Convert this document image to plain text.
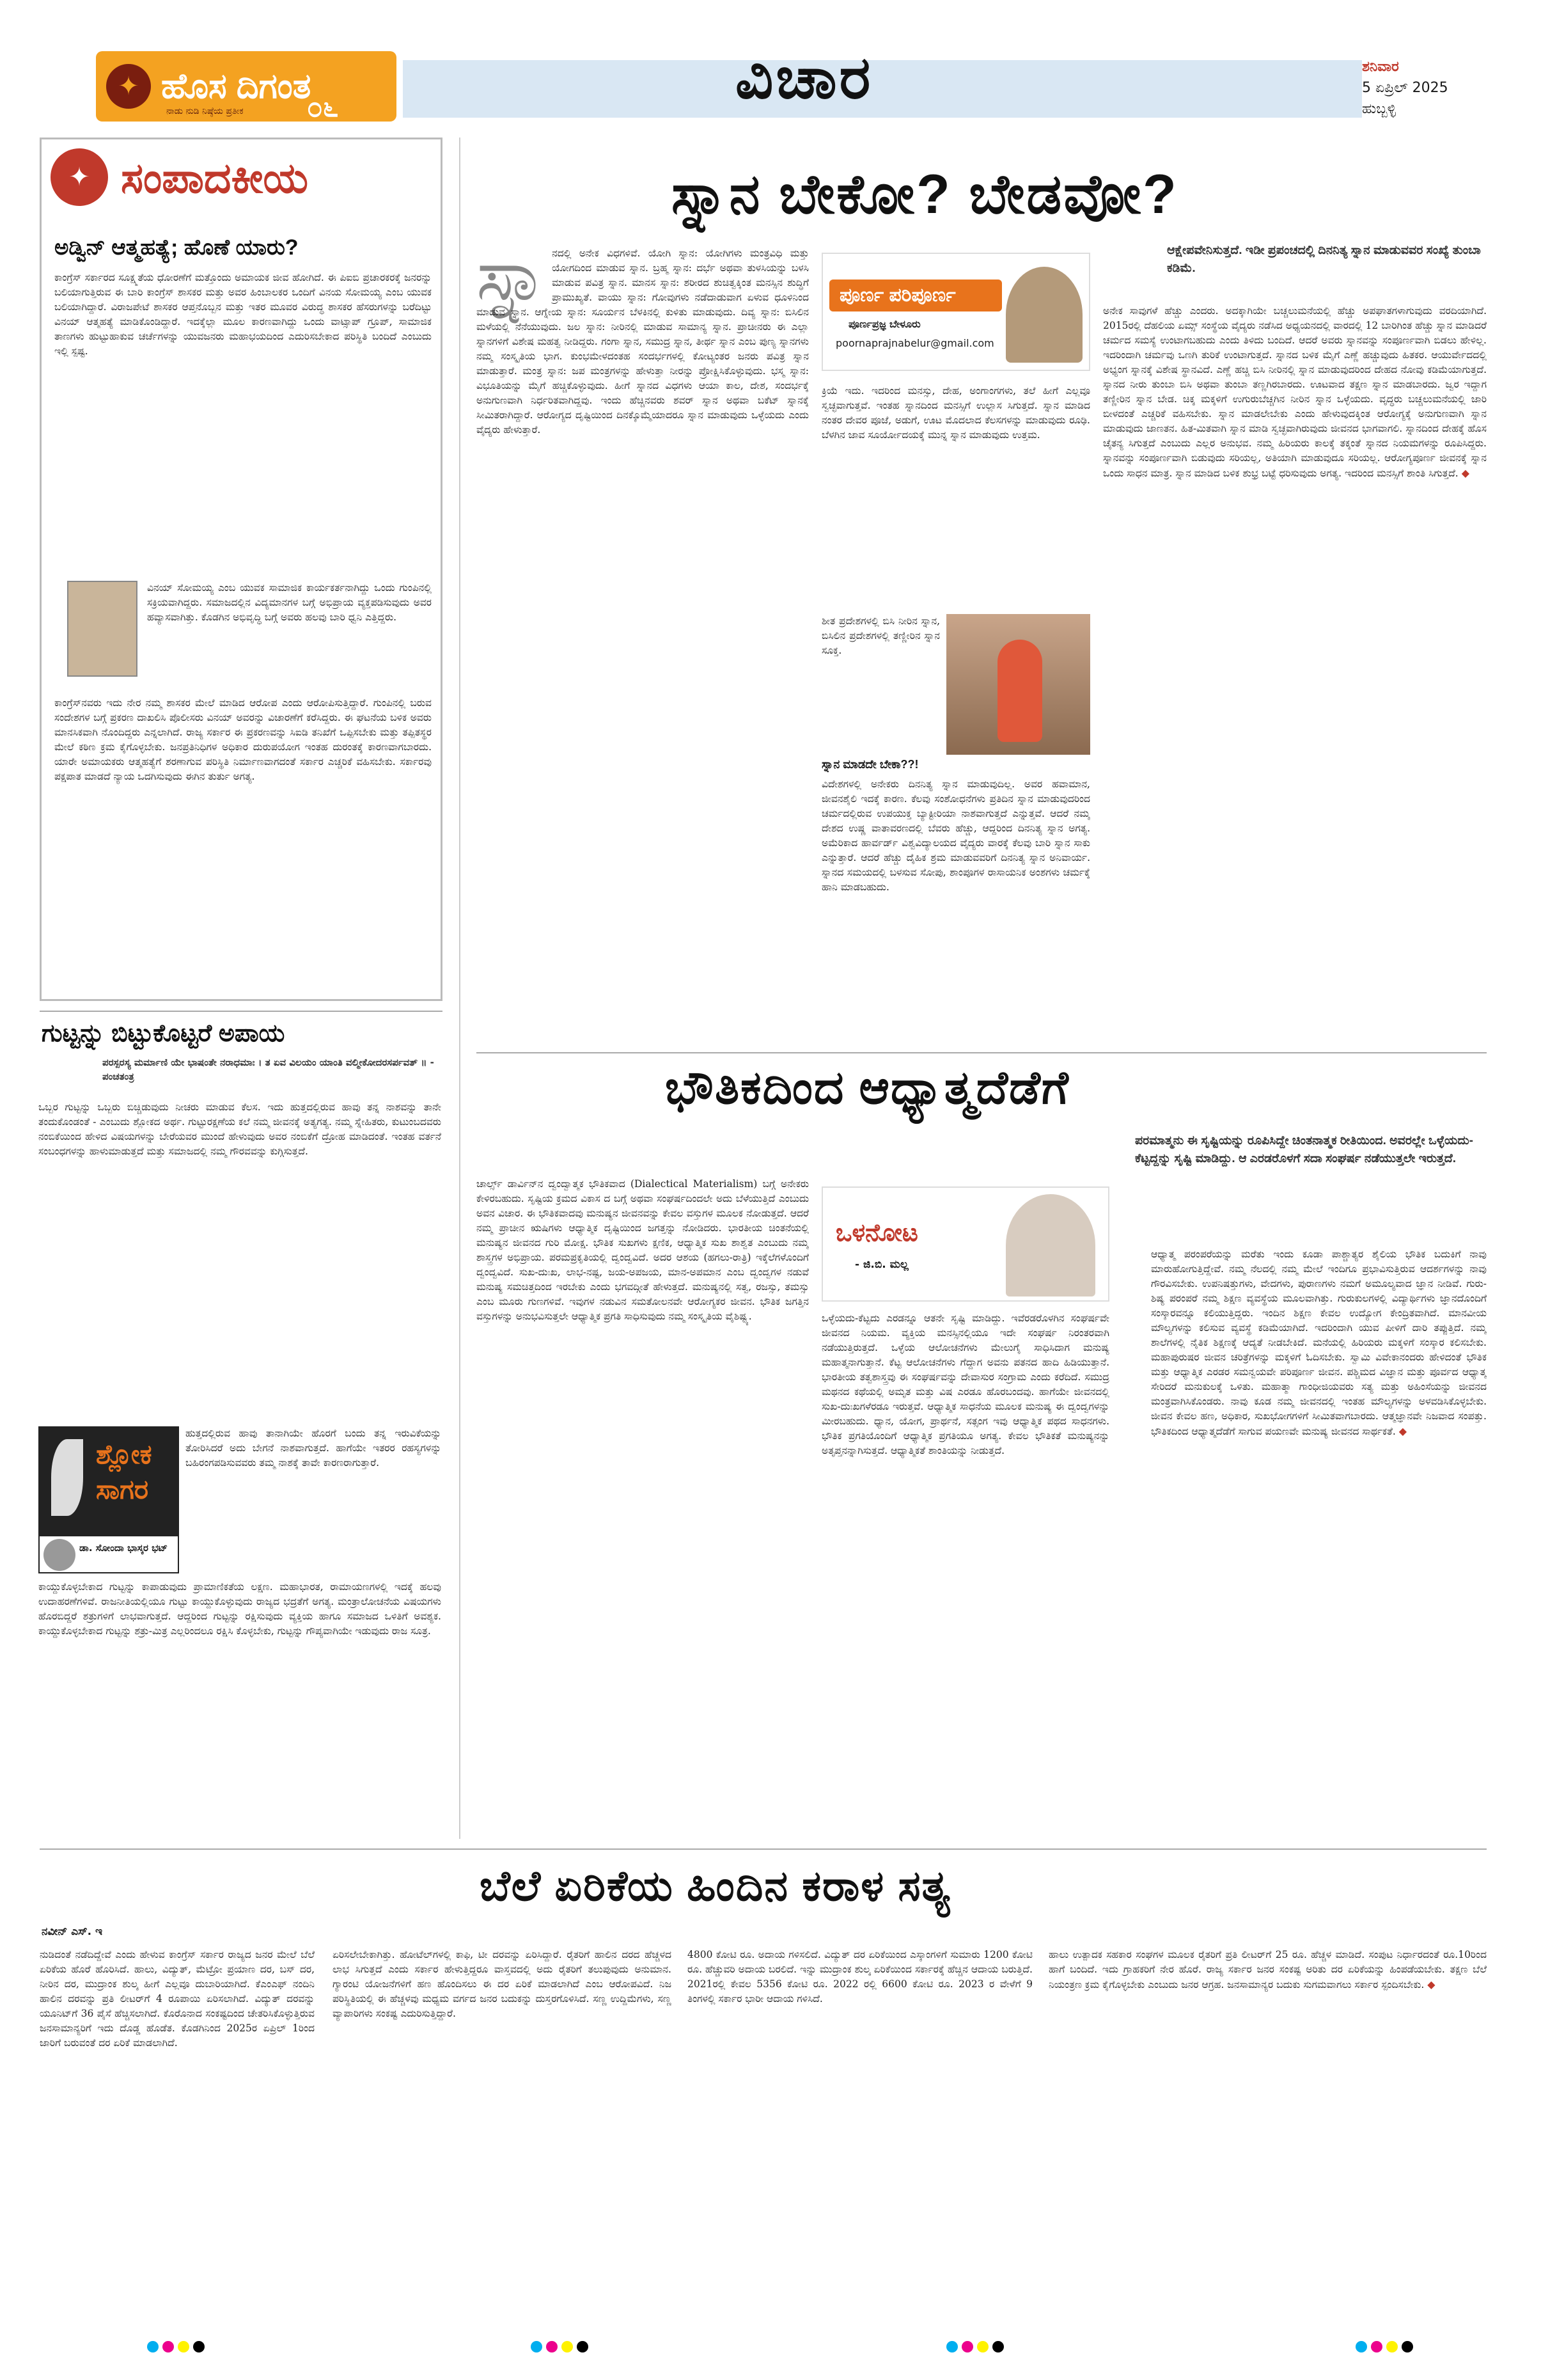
✦ ಹೊಸ ದಿಗಂತ
ನಾಡು ನುಡಿ ನಿಷ್ಠೆಯ ಪ್ರತೀಕ ೦೬	ವಿಚಾರ	ಶನಿವಾರ
5 ಏಪ್ರಿಲ್ 2025
ಹುಬ್ಬಳ್ಳಿ
✦ ಸಂಪಾದಕೀಯ
ಅಡ್ವಿನ್ ಆತ್ಮಹತ್ಯೆ; ಹೊಣೆ ಯಾರು?
ಕಾಂಗ್ರೆಸ್ ಸರ್ಕಾರದ ಸೂಕ್ಷ್ಮತೆಯ ಧೋರಣೆಗೆ ಮತ್ತೊಂದು ಅಮಾಯಕ ಜೀವ ಹೋಗಿದೆ. ಈ ಪಿಐಬಿ ಪ್ರಚಾರಕರಕ್ಕೆ ಜನರನ್ನು ಬಲಿಯಾಗುತ್ತಿರುವ ಈ ಬಾರಿ ಕಾಂಗ್ರೆಸ್ ಶಾಸಕರ ಮತ್ತು ಅವರ ಹಿಂಬಾಲಕರ ಒಂದಿಗೆ ವಿನಯ ಸೋಮಯ್ಯ ಎಂಬ ಯುವಕ ಬಲಿಯಾಗಿದ್ದಾರೆ. ವಿರಾಜಪೇಟೆ ಶಾಸಕರ ಆಪ್ತನೊಬ್ಬನ ಮತ್ತು ಇತರ ಮೂವರ ವಿರುದ್ಧ ಶಾಸಕರ ಹೆಸರುಗಳನ್ನು ಬರೆದಿಟ್ಟು ವಿನಯ್ ಆತ್ಮಹತ್ಯೆ ಮಾಡಿಕೊಂಡಿದ್ದಾರೆ. ಇದಕ್ಕೆಲ್ಲಾ ಮೂಲ ಕಾರಣವಾಗಿದ್ದು ಒಂದು ವಾಟ್ಸಾಪ್ ಗ್ರೂಪ್, ಸಾಮಾಜಿಕ ತಾಣಗಳು ಹುಟ್ಟುಹಾಕುವ ಚರ್ಚೆಗಳನ್ನು ಯುವಜನರು ಮಹಾಭಯದಿಂದ ಎದುರಿಸಬೇಕಾದ ಪರಿಸ್ಥಿತಿ ಬಂದಿದೆ ಎಂಬುದು ಇಲ್ಲಿ ಸ್ಪಷ್ಟ.
ವಿನಯ್ ಸೋಮಯ್ಯ ಎಂಬ ಯುವಕ ಸಾಮಾಜಿಕ ಕಾರ್ಯಕರ್ತನಾಗಿದ್ದು ಒಂದು ಗುಂಪಿನಲ್ಲಿ ಸಕ್ರಿಯವಾಗಿದ್ದರು. ಸಮಾಜದಲ್ಲಿನ ವಿದ್ಯಮಾನಗಳ ಬಗ್ಗೆ ಅಭಿಪ್ರಾಯ ವ್ಯಕ್ತಪಡಿಸುವುದು ಅವರ ಹವ್ಯಾಸವಾಗಿತ್ತು. ಕೊಡಗಿನ ಅಭಿವೃದ್ಧಿ ಬಗ್ಗೆ ಅವರು ಹಲವು ಬಾರಿ ಧ್ವನಿ ಎತ್ತಿದ್ದರು.
ಕಾಂಗ್ರೆಸ್‌ನವರು ಇದು ನೇರ ನಮ್ಮ ಶಾಸಕರ ಮೇಲೆ ಮಾಡಿದ ಆರೋಪ ಎಂದು ಆರೋಪಿಸುತ್ತಿದ್ದಾರೆ. ಗುಂಪಿನಲ್ಲಿ ಬರುವ ಸಂದೇಶಗಳ ಬಗ್ಗೆ ಪ್ರಕರಣ ದಾಖಲಿಸಿ ಪೊಲೀಸರು ವಿನಯ್ ಅವರನ್ನು ವಿಚಾರಣೆಗೆ ಕರೆಸಿದ್ದರು. ಈ ಘಟನೆಯ ಬಳಿಕ ಅವರು ಮಾನಸಿಕವಾಗಿ ನೊಂದಿದ್ದರು ಎನ್ನಲಾಗಿದೆ. ರಾಜ್ಯ ಸರ್ಕಾರ ಈ ಪ್ರಕರಣವನ್ನು ಸಿಐಡಿ ತನಿಖೆಗೆ ಒಪ್ಪಿಸಬೇಕು ಮತ್ತು ತಪ್ಪಿತಸ್ಥರ ಮೇಲೆ ಕಠಿಣ ಕ್ರಮ ಕೈಗೊಳ್ಳಬೇಕು. ಜನಪ್ರತಿನಿಧಿಗಳ ಅಧಿಕಾರ ದುರುಪಯೋಗ ಇಂತಹ ದುರಂತಕ್ಕೆ ಕಾರಣವಾಗಬಾರದು. ಯಾರೇ ಅಮಾಯಕರು ಆತ್ಮಹತ್ಯೆಗೆ ಶರಣಾಗುವ ಪರಿಸ್ಥಿತಿ ನಿರ್ಮಾಣವಾಗದಂತೆ ಸರ್ಕಾರ ಎಚ್ಚರಿಕೆ ವಹಿಸಬೇಕು. ಸರ್ಕಾರವು ಪಕ್ಷಪಾತ ಮಾಡದೆ ನ್ಯಾಯ ಒದಗಿಸುವುದು ಈಗಿನ ತುರ್ತು ಅಗತ್ಯ.
ಗುಟ್ಟನ್ನು ಬಿಟ್ಟುಕೊಟ್ಟರೆ ಅಪಾಯ
ಪರಸ್ಪರಸ್ಯ ಮರ್ಮಾಣಿ ಯೇ ಭಾಷಂತೇ ನರಾಧಮಾಃ । ತ ಏವ ವಿಲಯಂ ಯಾಂತಿ ವಲ್ಮೀಕೋದರಸರ್ಪವತ್ ॥ - ಪಂಚತಂತ್ರ
ಒಬ್ಬರ ಗುಟ್ಟನ್ನು ಒಬ್ಬರು ಬಿಚ್ಚಿಡುವುದು ನೀಚರು ಮಾಡುವ ಕೆಲಸ. ಇದು ಹುತ್ತದಲ್ಲಿರುವ ಹಾವು ತನ್ನ ನಾಶವನ್ನು ತಾನೇ ತಂದುಕೊಂಡಂತೆ - ಎಂಬುದು ಶ್ಲೋಕದ ಅರ್ಥ. ಗುಟ್ಟುರಕ್ಷಣೆಯ ಕಲೆ ನಮ್ಮ ಜೀವನಕ್ಕೆ ಅತ್ಯಗತ್ಯ. ನಮ್ಮ ಸ್ನೇಹಿತರು, ಕುಟುಂಬದವರು ನಂಬಿಕೆಯಿಂದ ಹೇಳಿದ ವಿಷಯಗಳನ್ನು ಬೇರೆಯವರ ಮುಂದೆ ಹೇಳುವುದು ಅವರ ನಂಬಿಕೆಗೆ ದ್ರೋಹ ಮಾಡಿದಂತೆ. ಇಂತಹ ವರ್ತನೆ ಸಂಬಂಧಗಳನ್ನು ಹಾಳುಮಾಡುತ್ತದೆ ಮತ್ತು ಸಮಾಜದಲ್ಲಿ ನಮ್ಮ ಗೌರವವನ್ನು ಕುಗ್ಗಿಸುತ್ತದೆ.
ಶ್ಲೋಕ
ಸಾಗರ
ಡಾ. ಸೋಂದಾ ಭಾಸ್ಕರ ಭಟ್
ಹುತ್ತದಲ್ಲಿರುವ ಹಾವು ತಾನಾಗಿಯೇ ಹೊರಗೆ ಬಂದು ತನ್ನ ಇರುವಿಕೆಯನ್ನು ತೋರಿಸಿದರೆ ಅದು ಬೇಗನೆ ನಾಶವಾಗುತ್ತದೆ. ಹಾಗೆಯೇ ಇತರರ ರಹಸ್ಯಗಳನ್ನು ಬಹಿರಂಗಪಡಿಸುವವರು ತಮ್ಮ ನಾಶಕ್ಕೆ ತಾವೇ ಕಾರಣರಾಗುತ್ತಾರೆ.
ಕಾಯ್ದುಕೊಳ್ಳಬೇಕಾದ ಗುಟ್ಟನ್ನು ಕಾಪಾಡುವುದು ಪ್ರಾಮಾಣಿಕತೆಯ ಲಕ್ಷಣ. ಮಹಾಭಾರತ, ರಾಮಾಯಣಗಳಲ್ಲಿ ಇದಕ್ಕೆ ಹಲವು ಉದಾಹರಣೆಗಳಿವೆ. ರಾಜನೀತಿಯಲ್ಲಿಯೂ ಗುಟ್ಟು ಕಾಯ್ದುಕೊಳ್ಳುವುದು ರಾಜ್ಯದ ಭದ್ರತೆಗೆ ಅಗತ್ಯ. ಮಂತ್ರಾಲೋಚನೆಯ ವಿಷಯಗಳು ಹೊರಬಿದ್ದರೆ ಶತ್ರುಗಳಿಗೆ ಲಾಭವಾಗುತ್ತದೆ. ಆದ್ದರಿಂದ ಗುಟ್ಟನ್ನು ರಕ್ಷಿಸುವುದು ವ್ಯಕ್ತಿಯ ಹಾಗೂ ಸಮಾಜದ ಒಳಿತಿಗೆ ಅವಶ್ಯಕ. ಕಾಯ್ದುಕೊಳ್ಳಬೇಕಾದ ಗುಟ್ಟನ್ನು ಶತ್ರು-ಮಿತ್ರ ಎಲ್ಲರಿಂದಲೂ ರಕ್ಷಿಸಿ ಕೊಳ್ಳಬೇಕು, ಗುಟ್ಟನ್ನು ಗೌಪ್ಯವಾಗಿಯೇ ಇಡುವುದು ರಾಜ ಸೂತ್ರ.
ಸ್ನಾನ ಬೇಕೋ? ಬೇಡವೋ?
ಸ್ನಾ ನದಲ್ಲಿ ಅನೇಕ ವಿಧಗಳಿವೆ. ಯೋಗಿ ಸ್ನಾನ: ಯೋಗಿಗಳು ಮಂತ್ರವಿಧಿ ಮತ್ತು ಯೋಗದಿಂದ ಮಾಡುವ ಸ್ನಾನ. ಬ್ರಹ್ಮ ಸ್ನಾನ: ದರ್ಭೆ ಅಥವಾ ತುಳಸಿಯನ್ನು ಬಳಸಿ ಮಾಡುವ ಪವಿತ್ರ ಸ್ನಾನ. ಮಾನಸ ಸ್ನಾನ: ಶರೀರದ ಶುಚಿತ್ವಕ್ಕಿಂತ ಮನಸ್ಸಿನ ಶುದ್ಧಿಗೆ ಪ್ರಾಮುಖ್ಯತೆ. ವಾಯು ಸ್ನಾನ: ಗೋವುಗಳು ನಡೆದಾಡುವಾಗ ಏಳುವ ಧೂಳಿನಿಂದ ಮಾಡುವ ಸ್ನಾನ. ಆಗ್ನೇಯ ಸ್ನಾನ: ಸೂರ್ಯನ ಬೆಳಕಿನಲ್ಲಿ ಕುಳಿತು ಮಾಡುವುದು. ದಿವ್ಯ ಸ್ನಾನ: ಬಿಸಿಲಿನ ಮಳೆಯಲ್ಲಿ ನೆನೆಯುವುದು. ಜಲ ಸ್ನಾನ: ನೀರಿನಲ್ಲಿ ಮಾಡುವ ಸಾಮಾನ್ಯ ಸ್ನಾನ. ಪ್ರಾಚೀನರು ಈ ಎಲ್ಲಾ ಸ್ನಾನಗಳಿಗೆ ವಿಶೇಷ ಮಹತ್ವ ನೀಡಿದ್ದರು. ಗಂಗಾ ಸ್ನಾನ, ಸಮುದ್ರ ಸ್ನಾನ, ತೀರ್ಥ ಸ್ನಾನ ಎಂಬ ಪುಣ್ಯ ಸ್ನಾನಗಳು ನಮ್ಮ ಸಂಸ್ಕೃತಿಯ ಭಾಗ. ಕುಂಭಮೇಳದಂತಹ ಸಂದರ್ಭಗಳಲ್ಲಿ ಕೋಟ್ಯಂತರ ಜನರು ಪವಿತ್ರ ಸ್ನಾನ ಮಾಡುತ್ತಾರೆ. ಮಂತ್ರ ಸ್ನಾನ: ಜಪ ಮಂತ್ರಗಳನ್ನು ಹೇಳುತ್ತಾ ನೀರನ್ನು ಪ್ರೋಕ್ಷಿಸಿಕೊಳ್ಳುವುದು. ಭಸ್ಮ ಸ್ನಾನ: ವಿಭೂತಿಯನ್ನು ಮೈಗೆ ಹಚ್ಚಿಕೊಳ್ಳುವುದು. ಹೀಗೆ ಸ್ನಾನದ ವಿಧಗಳು ಆಯಾ ಕಾಲ, ದೇಶ, ಸಂದರ್ಭಕ್ಕೆ ಅನುಗುಣವಾಗಿ ನಿರ್ಧರಿತವಾಗಿದ್ದವು. ಇಂದು ಹೆಚ್ಚಿನವರು ಶವರ್ ಸ್ನಾನ ಅಥವಾ ಬಕೆಟ್ ಸ್ನಾನಕ್ಕೆ ಸೀಮಿತರಾಗಿದ್ದಾರೆ. ಆರೋಗ್ಯದ ದೃಷ್ಟಿಯಿಂದ ದಿನಕ್ಕೊಮ್ಮೆಯಾದರೂ ಸ್ನಾನ ಮಾಡುವುದು ಒಳ್ಳೆಯದು ಎಂದು ವೈದ್ಯರು ಹೇಳುತ್ತಾರೆ.
ಪೂರ್ಣ ಪರಿಪೂರ್ಣ
ಪೂರ್ಣಪ್ರಜ್ಞ ಬೇಳೂರು
poornaprajnabelur@gmail.com
ಕ್ರಿಯೆ ಇದು. ಇದರಿಂದ ಮನಸ್ಸು, ದೇಹ, ಅಂಗಾಂಗಗಳು, ತಲೆ ಹೀಗೆ ಎಲ್ಲವೂ ಸ್ವಚ್ಛವಾಗುತ್ತವೆ. ಇಂತಹ ಸ್ನಾನದಿಂದ ಮನಸ್ಸಿಗೆ ಉಲ್ಲಾಸ ಸಿಗುತ್ತದೆ. ಸ್ನಾನ ಮಾಡಿದ ನಂತರ ದೇವರ ಪೂಜೆ, ಅಡುಗೆ, ಊಟ ಮೊದಲಾದ ಕೆಲಸಗಳನ್ನು ಮಾಡುವುದು ರೂಢಿ. ಬೆಳಗಿನ ಜಾವ ಸೂರ್ಯೋದಯಕ್ಕೆ ಮುನ್ನ ಸ್ನಾನ ಮಾಡುವುದು ಉತ್ತಮ.
ಶೀತ ಪ್ರದೇಶಗಳಲ್ಲಿ ಬಿಸಿ ನೀರಿನ ಸ್ನಾನ, ಬಿಸಿಲಿನ ಪ್ರದೇಶಗಳಲ್ಲಿ ತಣ್ಣೀರಿನ ಸ್ನಾನ ಸೂಕ್ತ.
ಸ್ನಾನ ಮಾಡದೇ ಬೇಕಾ??!
ವಿದೇಶಗಳಲ್ಲಿ ಅನೇಕರು ದಿನನಿತ್ಯ ಸ್ನಾನ ಮಾಡುವುದಿಲ್ಲ. ಅವರ ಹವಾಮಾನ, ಜೀವನಶೈಲಿ ಇದಕ್ಕೆ ಕಾರಣ. ಕೆಲವು ಸಂಶೋಧನೆಗಳು ಪ್ರತಿದಿನ ಸ್ನಾನ ಮಾಡುವುದರಿಂದ ಚರ್ಮದಲ್ಲಿರುವ ಉಪಯುಕ್ತ ಬ್ಯಾಕ್ಟೀರಿಯಾ ನಾಶವಾಗುತ್ತದೆ ಎನ್ನುತ್ತವೆ. ಆದರೆ ನಮ್ಮ ದೇಶದ ಉಷ್ಣ ವಾತಾವರಣದಲ್ಲಿ ಬೆವರು ಹೆಚ್ಚು, ಆದ್ದರಿಂದ ದಿನನಿತ್ಯ ಸ್ನಾನ ಅಗತ್ಯ. ಅಮೆರಿಕಾದ ಹಾರ್ವರ್ಡ್ ವಿಶ್ವವಿದ್ಯಾಲಯದ ವೈದ್ಯರು ವಾರಕ್ಕೆ ಕೆಲವು ಬಾರಿ ಸ್ನಾನ ಸಾಕು ಎನ್ನುತ್ತಾರೆ. ಆದರೆ ಹೆಚ್ಚು ದೈಹಿಕ ಶ್ರಮ ಮಾಡುವವರಿಗೆ ದಿನನಿತ್ಯ ಸ್ನಾನ ಅನಿವಾರ್ಯ. ಸ್ನಾನದ ಸಮಯದಲ್ಲಿ ಬಳಸುವ ಸೋಪು, ಶಾಂಪೂಗಳ ರಾಸಾಯನಿಕ ಅಂಶಗಳು ಚರ್ಮಕ್ಕೆ ಹಾನಿ ಮಾಡಬಹುದು.
ಆಕ್ಷೇಪವೇನಿಸುತ್ತದೆ. ಇಡೀ ಪ್ರಪಂಚದಲ್ಲಿ ದಿನನಿತ್ಯ ಸ್ನಾನ ಮಾಡುವವರ ಸಂಖ್ಯೆ ತುಂಬಾ ಕಡಿಮೆ.
ಅನೇಕ ಸಾವುಗಳೆ ಹೆಚ್ಚು ಎಂದರು. ಅದಕ್ಕಾಗಿಯೇ ಬಚ್ಚಲುಮನೆಯಲ್ಲಿ ಹೆಚ್ಚು ಅಪಘಾತಗಳಾಗುವುದು ವರದಿಯಾಗಿದೆ. 2015ರಲ್ಲಿ ದೆಹಲಿಯ ಏಮ್ಸ್ ಸಂಸ್ಥೆಯ ವೈದ್ಯರು ನಡೆಸಿದ ಅಧ್ಯಯನದಲ್ಲಿ ವಾರದಲ್ಲಿ 12 ಬಾರಿಗಿಂತ ಹೆಚ್ಚು ಸ್ನಾನ ಮಾಡಿದರೆ ಚರ್ಮದ ಸಮಸ್ಯೆ ಉಂಟಾಗಬಹುದು ಎಂದು ತಿಳಿದು ಬಂದಿದೆ. ಆದರೆ ಅವರು ಸ್ನಾನವನ್ನು ಸಂಪೂರ್ಣವಾಗಿ ಬಿಡಲು ಹೇಳಿಲ್ಲ. ಇದರಿಂದಾಗಿ ಚರ್ಮವು ಒಣಗಿ ತುರಿಕೆ ಉಂಟಾಗುತ್ತದೆ. ಸ್ನಾನದ ಬಳಿಕ ಮೈಗೆ ಎಣ್ಣೆ ಹಚ್ಚುವುದು ಹಿತಕರ. ಆಯುರ್ವೇದದಲ್ಲಿ ಅಭ್ಯಂಗ ಸ್ನಾನಕ್ಕೆ ವಿಶೇಷ ಸ್ಥಾನವಿದೆ. ಎಣ್ಣೆ ಹಚ್ಚಿ ಬಿಸಿ ನೀರಿನಲ್ಲಿ ಸ್ನಾನ ಮಾಡುವುದರಿಂದ ದೇಹದ ನೋವು ಕಡಿಮೆಯಾಗುತ್ತದೆ. ಸ್ನಾನದ ನೀರು ತುಂಬಾ ಬಿಸಿ ಅಥವಾ ತುಂಬಾ ತಣ್ಣಗಿರಬಾರದು. ಊಟವಾದ ತಕ್ಷಣ ಸ್ನಾನ ಮಾಡಬಾರದು. ಜ್ವರ ಇದ್ದಾಗ ತಣ್ಣೀರಿನ ಸ್ನಾನ ಬೇಡ. ಚಿಕ್ಕ ಮಕ್ಕಳಿಗೆ ಉಗುರುಬೆಚ್ಚಗಿನ ನೀರಿನ ಸ್ನಾನ ಒಳ್ಳೆಯದು. ವೃದ್ಧರು ಬಚ್ಚಲುಮನೆಯಲ್ಲಿ ಜಾರಿ ಬೀಳದಂತೆ ಎಚ್ಚರಿಕೆ ವಹಿಸಬೇಕು. ಸ್ನಾನ ಮಾಡಲೇಬೇಕು ಎಂದು ಹೇಳುವುದಕ್ಕಿಂತ ಆರೋಗ್ಯಕ್ಕೆ ಅನುಗುಣವಾಗಿ ಸ್ನಾನ ಮಾಡುವುದು ಜಾಣತನ. ಹಿತ-ಮಿತವಾಗಿ ಸ್ನಾನ ಮಾಡಿ ಸ್ವಚ್ಛವಾಗಿರುವುದು ಜೀವನದ ಭಾಗವಾಗಲಿ. ಸ್ನಾನದಿಂದ ದೇಹಕ್ಕೆ ಹೊಸ ಚೈತನ್ಯ ಸಿಗುತ್ತದೆ ಎಂಬುದು ಎಲ್ಲರ ಅನುಭವ. ನಮ್ಮ ಹಿರಿಯರು ಕಾಲಕ್ಕೆ ತಕ್ಕಂತೆ ಸ್ನಾನದ ನಿಯಮಗಳನ್ನು ರೂಪಿಸಿದ್ದರು. ಸ್ನಾನವನ್ನು ಸಂಪೂರ್ಣವಾಗಿ ಬಿಡುವುದು ಸರಿಯಲ್ಲ, ಅತಿಯಾಗಿ ಮಾಡುವುದೂ ಸರಿಯಲ್ಲ. ಆರೋಗ್ಯಪೂರ್ಣ ಜೀವನಕ್ಕೆ ಸ್ನಾನ ಒಂದು ಸಾಧನ ಮಾತ್ರ. ಸ್ನಾನ ಮಾಡಿದ ಬಳಿಕ ಶುಭ್ರ ಬಟ್ಟೆ ಧರಿಸುವುದು ಅಗತ್ಯ. ಇದರಿಂದ ಮನಸ್ಸಿಗೆ ಶಾಂತಿ ಸಿಗುತ್ತದೆ. ◆
ಭೌತಿಕದಿಂದ ಆಧ್ಯಾತ್ಮದೆಡೆಗೆ
ಪರಮಾತ್ಮನು ಈ ಸೃಷ್ಟಿಯನ್ನು ರೂಪಿಸಿದ್ದೇ ಚಿಂತನಾತ್ಮಕ ರೀತಿಯಿಂದ. ಅವರಲ್ಲೇ ಒಳ್ಳೆಯದು-ಕೆಟ್ಟದ್ದನ್ನು ಸೃಷ್ಟಿ ಮಾಡಿದ್ದು. ಆ ಎರಡರೊಳಗೆ ಸದಾ ಸಂಘರ್ಷ ನಡೆಯುತ್ತಲೇ ಇರುತ್ತದೆ.
ಚಾರ್ಲ್ಸ್ ಡಾರ್ವಿನ್‌ನ ದ್ವಂದ್ವಾತ್ಮಕ ಭೌತಿಕವಾದ (Dialectical Materialism) ಬಗ್ಗೆ ಅನೇಕರು ಕೇಳಿರಬಹುದು. ಸೃಷ್ಟಿಯ ಕ್ರಮದ ವಿಕಾಸ ದ ಬಗ್ಗೆ ಅಥವಾ ಸಂಘರ್ಷದಿಂದಲೇ ಅದು ಬೆಳೆಯುತ್ತಿದೆ ಎಂಬುದು ಅವನ ವಿಚಾರ. ಈ ಭೌತಿಕವಾದವು ಮನುಷ್ಯನ ಜೀವನವನ್ನು ಕೇವಲ ವಸ್ತುಗಳ ಮೂಲಕ ನೋಡುತ್ತದೆ. ಆದರೆ ನಮ್ಮ ಪ್ರಾಚೀನ ಋಷಿಗಳು ಆಧ್ಯಾತ್ಮಿಕ ದೃಷ್ಟಿಯಿಂದ ಜಗತ್ತನ್ನು ನೋಡಿದರು. ಭಾರತೀಯ ಚಿಂತನೆಯಲ್ಲಿ ಮನುಷ್ಯನ ಜೀವನದ ಗುರಿ ಮೋಕ್ಷ. ಭೌತಿಕ ಸುಖಗಳು ಕ್ಷಣಿಕ, ಆಧ್ಯಾತ್ಮಿಕ ಸುಖ ಶಾಶ್ವತ ಎಂಬುದು ನಮ್ಮ ಶಾಸ್ತ್ರಗಳ ಅಭಿಪ್ರಾಯ. ಪರಮಪ್ರಕೃತಿಯಲ್ಲಿ ದ್ವಂದ್ವವಿದೆ. ಅದರ ಆಶಯ (ಹಗಲು-ರಾತ್ರಿ) ಇಕ್ಕೆಲೆಗಳೊಂದಿಗೆ ದ್ವಂದ್ವವಿದೆ. ಸುಖ-ದುಃಖ, ಲಾಭ-ನಷ್ಟ, ಜಯ-ಅಪಜಯ, ಮಾನ-ಅಪಮಾನ ಎಂಬ ದ್ವಂದ್ವಗಳ ನಡುವೆ ಮನುಷ್ಯ ಸಮಚಿತ್ತದಿಂದ ಇರಬೇಕು ಎಂದು ಭಗವದ್ಗೀತೆ ಹೇಳುತ್ತದೆ. ಮನುಷ್ಯನಲ್ಲಿ ಸತ್ವ, ರಜಸ್ಸು, ತಮಸ್ಸು ಎಂಬ ಮೂರು ಗುಣಗಳಿವೆ. ಇವುಗಳ ನಡುವಿನ ಸಮತೋಲನವೇ ಆರೋಗ್ಯಕರ ಜೀವನ. ಭೌತಿಕ ಜಗತ್ತಿನ ವಸ್ತುಗಳನ್ನು ಅನುಭವಿಸುತ್ತಲೇ ಆಧ್ಯಾತ್ಮಿಕ ಪ್ರಗತಿ ಸಾಧಿಸುವುದು ನಮ್ಮ ಸಂಸ್ಕೃತಿಯ ವೈಶಿಷ್ಟ್ಯ.
ಒಳನೋಟ
- ಜಿ.ಬಿ. ಮಲ್ಲ
ಒಳ್ಳೆಯದು-ಕೆಟ್ಟದು ಎರಡನ್ನೂ ಆತನೇ ಸೃಷ್ಟಿ ಮಾಡಿದ್ದು. ಇವೆರಡರೊಳಗಿನ ಸಂಘರ್ಷವೇ ಜೀವನದ ನಿಯಮ. ವ್ಯಕ್ತಿಯ ಮನಸ್ಸಿನಲ್ಲಿಯೂ ಇದೇ ಸಂಘರ್ಷ ನಿರಂತರವಾಗಿ ನಡೆಯುತ್ತಿರುತ್ತದೆ. ಒಳ್ಳೆಯ ಆಲೋಚನೆಗಳು ಮೇಲುಗೈ ಸಾಧಿಸಿದಾಗ ಮನುಷ್ಯ ಮಹಾತ್ಮನಾಗುತ್ತಾನೆ. ಕೆಟ್ಟ ಆಲೋಚನೆಗಳು ಗೆದ್ದಾಗ ಅವನು ಪತನದ ಹಾದಿ ಹಿಡಿಯುತ್ತಾನೆ. ಭಾರತೀಯ ತತ್ವಶಾಸ್ತ್ರವು ಈ ಸಂಘರ್ಷವನ್ನು ದೇವಾಸುರ ಸಂಗ್ರಾಮ ಎಂದು ಕರೆದಿದೆ. ಸಮುದ್ರ ಮಥನದ ಕಥೆಯಲ್ಲಿ ಅಮೃತ ಮತ್ತು ವಿಷ ಎರಡೂ ಹೊರಬಂದವು. ಹಾಗೆಯೇ ಜೀವನದಲ್ಲಿ ಸುಖ-ದುಃಖಗಳೆರಡೂ ಇರುತ್ತವೆ. ಆಧ್ಯಾತ್ಮಿಕ ಸಾಧನೆಯ ಮೂಲಕ ಮನುಷ್ಯ ಈ ದ್ವಂದ್ವಗಳನ್ನು ಮೀರಬಹುದು. ಧ್ಯಾನ, ಯೋಗ, ಪ್ರಾರ್ಥನೆ, ಸತ್ಸಂಗ ಇವು ಆಧ್ಯಾತ್ಮಿಕ ಪಥದ ಸಾಧನಗಳು. ಭೌತಿಕ ಪ್ರಗತಿಯೊಂದಿಗೆ ಆಧ್ಯಾತ್ಮಿಕ ಪ್ರಗತಿಯೂ ಅಗತ್ಯ. ಕೇವಲ ಭೌತಿಕತೆ ಮನುಷ್ಯನನ್ನು ಅತೃಪ್ತನನ್ನಾಗಿಸುತ್ತದೆ. ಆಧ್ಯಾತ್ಮಿಕತೆ ಶಾಂತಿಯನ್ನು ನೀಡುತ್ತದೆ.
ಆಧ್ಯಾತ್ಮ ಪರಂಪರೆಯನ್ನು ಮರೆತು ಇಂದು ಕೂಡಾ ಪಾಶ್ಚಾತ್ಯರ ಶೈಲಿಯ ಭೌತಿಕ ಬದುಕಿಗೆ ನಾವು ಮಾರುಹೋಗುತ್ತಿದ್ದೇವೆ. ನಮ್ಮ ನೆಲದಲ್ಲಿ ನಮ್ಮ ಮೇಲೆ ಇಂದಿಗೂ ಪ್ರಭಾವಿಸುತ್ತಿರುವ ಆದರ್ಶಗಳನ್ನು ನಾವು ಗೌರವಿಸಬೇಕು. ಉಪನಿಷತ್ತುಗಳು, ವೇದಗಳು, ಪುರಾಣಗಳು ನಮಗೆ ಅಮೂಲ್ಯವಾದ ಜ್ಞಾನ ನೀಡಿವೆ. ಗುರು-ಶಿಷ್ಯ ಪರಂಪರೆ ನಮ್ಮ ಶಿಕ್ಷಣ ವ್ಯವಸ್ಥೆಯ ಮೂಲವಾಗಿತ್ತು. ಗುರುಕುಲಗಳಲ್ಲಿ ವಿದ್ಯಾರ್ಥಿಗಳು ಜ್ಞಾನದೊಂದಿಗೆ ಸಂಸ್ಕಾರವನ್ನೂ ಕಲಿಯುತ್ತಿದ್ದರು. ಇಂದಿನ ಶಿಕ್ಷಣ ಕೇವಲ ಉದ್ಯೋಗ ಕೇಂದ್ರಿತವಾಗಿದೆ. ಮಾನವೀಯ ಮೌಲ್ಯಗಳನ್ನು ಕಲಿಸುವ ವ್ಯವಸ್ಥೆ ಕಡಿಮೆಯಾಗಿದೆ. ಇದರಿಂದಾಗಿ ಯುವ ಪೀಳಿಗೆ ದಾರಿ ತಪ್ಪುತ್ತಿದೆ. ನಮ್ಮ ಶಾಲೆಗಳಲ್ಲಿ ನೈತಿಕ ಶಿಕ್ಷಣಕ್ಕೆ ಆದ್ಯತೆ ನೀಡಬೇಕಿದೆ. ಮನೆಯಲ್ಲಿ ಹಿರಿಯರು ಮಕ್ಕಳಿಗೆ ಸಂಸ್ಕಾರ ಕಲಿಸಬೇಕು. ಮಹಾಪುರುಷರ ಜೀವನ ಚರಿತ್ರೆಗಳನ್ನು ಮಕ್ಕಳಿಗೆ ಓದಿಸಬೇಕು. ಸ್ವಾಮಿ ವಿವೇಕಾನಂದರು ಹೇಳಿದಂತೆ ಭೌತಿಕ ಮತ್ತು ಆಧ್ಯಾತ್ಮಿಕ ಎರಡರ ಸಮನ್ವಯವೇ ಪರಿಪೂರ್ಣ ಜೀವನ. ಪಶ್ಚಿಮದ ವಿಜ್ಞಾನ ಮತ್ತು ಪೂರ್ವದ ಆಧ್ಯಾತ್ಮ ಸೇರಿದರೆ ಮನುಕುಲಕ್ಕೆ ಒಳಿತು. ಮಹಾತ್ಮಾ ಗಾಂಧೀಜಿಯವರು ಸತ್ಯ ಮತ್ತು ಅಹಿಂಸೆಯನ್ನು ಜೀವನದ ಮಂತ್ರವಾಗಿಸಿಕೊಂಡರು. ನಾವು ಕೂಡ ನಮ್ಮ ಜೀವನದಲ್ಲಿ ಇಂತಹ ಮೌಲ್ಯಗಳನ್ನು ಅಳವಡಿಸಿಕೊಳ್ಳಬೇಕು. ಜೀವನ ಕೇವಲ ಹಣ, ಅಧಿಕಾರ, ಸುಖಭೋಗಗಳಿಗೆ ಸೀಮಿತವಾಗಬಾರದು. ಆತ್ಮಜ್ಞಾನವೇ ನಿಜವಾದ ಸಂಪತ್ತು. ಭೌತಿಕದಿಂದ ಆಧ್ಯಾತ್ಮದೆಡೆಗೆ ಸಾಗುವ ಪಯಣವೇ ಮನುಷ್ಯ ಜೀವನದ ಸಾರ್ಥಕತೆ. ◆
ಬೆಲೆ ಏರಿಕೆಯ ಹಿಂದಿನ ಕರಾಳ ಸತ್ಯ
ನವೀನ್ ಎಸ್. ಇ
ನುಡಿದಂತೆ ನಡೆದಿದ್ದೇವೆ ಎಂದು ಹೇಳುವ ಕಾಂಗ್ರೆಸ್ ಸರ್ಕಾರ ರಾಜ್ಯದ ಜನರ ಮೇಲೆ ಬೆಲೆ ಏರಿಕೆಯ ಹೊರೆ ಹೊರಿಸಿದೆ. ಹಾಲು, ವಿದ್ಯುತ್, ಮೆಟ್ರೋ ಪ್ರಯಾಣ ದರ, ಬಸ್ ದರ, ನೀರಿನ ದರ, ಮುದ್ರಾಂಕ ಶುಲ್ಕ ಹೀಗೆ ಎಲ್ಲವೂ ದುಬಾರಿಯಾಗಿದೆ. ಕೆಎಂಎಫ್ ನಂದಿನಿ ಹಾಲಿನ ದರವನ್ನು ಪ್ರತಿ ಲೀಟರ್‌ಗೆ 4 ರೂಪಾಯಿ ಏರಿಸಲಾಗಿದೆ. ವಿದ್ಯುತ್ ದರವನ್ನು ಯೂನಿಟ್‌ಗೆ 36 ಪೈಸೆ ಹೆಚ್ಚಿಸಲಾಗಿದೆ. ಕೊರೊನಾದ ಸಂಕಷ್ಟದಿಂದ ಚೇತರಿಸಿಕೊಳ್ಳುತ್ತಿರುವ ಜನಸಾಮಾನ್ಯರಿಗೆ ಇದು ದೊಡ್ಡ ಹೊಡೆತ. ಕೊಡಗಿನಿಂದ 2025ರ ಏಪ್ರಿಲ್ 1ರಿಂದ ಜಾರಿಗೆ ಬರುವಂತೆ ದರ ಏರಿಕೆ ಮಾಡಲಾಗಿದೆ.
ಏರಿಸಲೇಬೇಕಾಗಿತ್ತು. ಹೋಟೆಲ್‌ಗಳಲ್ಲಿ ಕಾಫಿ, ಟೀ ದರವನ್ನು ಏರಿಸಿದ್ದಾರೆ. ರೈತರಿಗೆ ಹಾಲಿನ ದರದ ಹೆಚ್ಚಳದ ಲಾಭ ಸಿಗುತ್ತದೆ ಎಂದು ಸರ್ಕಾರ ಹೇಳುತ್ತಿದ್ದರೂ ವಾಸ್ತವದಲ್ಲಿ ಅದು ರೈತರಿಗೆ ತಲುಪುವುದು ಅನುಮಾನ. ಗ್ಯಾರಂಟಿ ಯೋಜನೆಗಳಿಗೆ ಹಣ ಹೊಂದಿಸಲು ಈ ದರ ಏರಿಕೆ ಮಾಡಲಾಗಿದೆ ಎಂಬ ಆರೋಪವಿದೆ. ನಿಜ ಪರಿಸ್ಥಿತಿಯಲ್ಲಿ ಈ ಹೆಚ್ಚಳವು ಮಧ್ಯಮ ವರ್ಗದ ಜನರ ಬದುಕನ್ನು ದುಸ್ತರಗೊಳಿಸಿದೆ. ಸಣ್ಣ ಉದ್ದಿಮೆಗಳು, ಸಣ್ಣ ವ್ಯಾಪಾರಿಗಳು ಸಂಕಷ್ಟ ಎದುರಿಸುತ್ತಿದ್ದಾರೆ.
4800 ಕೋಟಿ ರೂ. ಅದಾಯ ಗಳಿಸಲಿದೆ. ವಿದ್ಯುತ್ ದರ ಏರಿಕೆಯಿಂದ ಎಸ್ಕಾಂಗಳಿಗೆ ಸುಮಾರು 1200 ಕೋಟಿ ರೂ. ಹೆಚ್ಚುವರಿ ಅದಾಯ ಬರಲಿದೆ. ಇನ್ನು ಮುದ್ರಾಂಕ ಶುಲ್ಕ ಏರಿಕೆಯಿಂದ ಸರ್ಕಾರಕ್ಕೆ ಹೆಚ್ಚಿನ ಆದಾಯ ಬರುತ್ತಿದೆ. 2021ರಲ್ಲಿ ಕೇವಲ 5356 ಕೋಟಿ ರೂ. 2022 ರಲ್ಲಿ 6600 ಕೋಟಿ ರೂ. 2023 ರ ವೇಳೆಗೆ 9 ತಿಂಗಳಲ್ಲಿ ಸರ್ಕಾರ ಭಾರೀ ಆದಾಯ ಗಳಿಸಿದೆ.
ಹಾಲು ಉತ್ಪಾದಕ ಸಹಕಾರ ಸಂಘಗಳ ಮೂಲಕ ರೈತರಿಗೆ ಪ್ರತಿ ಲೀಟರ್‌ಗೆ 25 ರೂ. ಹೆಚ್ಚಳ ಮಾಡಿದೆ. ಸಂಪುಟ ನಿರ್ಧಾರದಂತೆ ರೂ.10ರಿಂದ ಹಾಗೆ ಬಂದಿದೆ. ಇದು ಗ್ರಾಹಕರಿಗೆ ನೇರ ಹೊರೆ. ರಾಜ್ಯ ಸರ್ಕಾರ ಜನರ ಸಂಕಷ್ಟ ಅರಿತು ದರ ಏರಿಕೆಯನ್ನು ಹಿಂಪಡೆಯಬೇಕು. ತಕ್ಷಣ ಬೆಲೆ ನಿಯಂತ್ರಣ ಕ್ರಮ ಕೈಗೊಳ್ಳಬೇಕು ಎಂಬುದು ಜನರ ಆಗ್ರಹ. ಜನಸಾಮಾನ್ಯರ ಬದುಕು ಸುಗಮವಾಗಲು ಸರ್ಕಾರ ಸ್ಪಂದಿಸಬೇಕು. ◆
